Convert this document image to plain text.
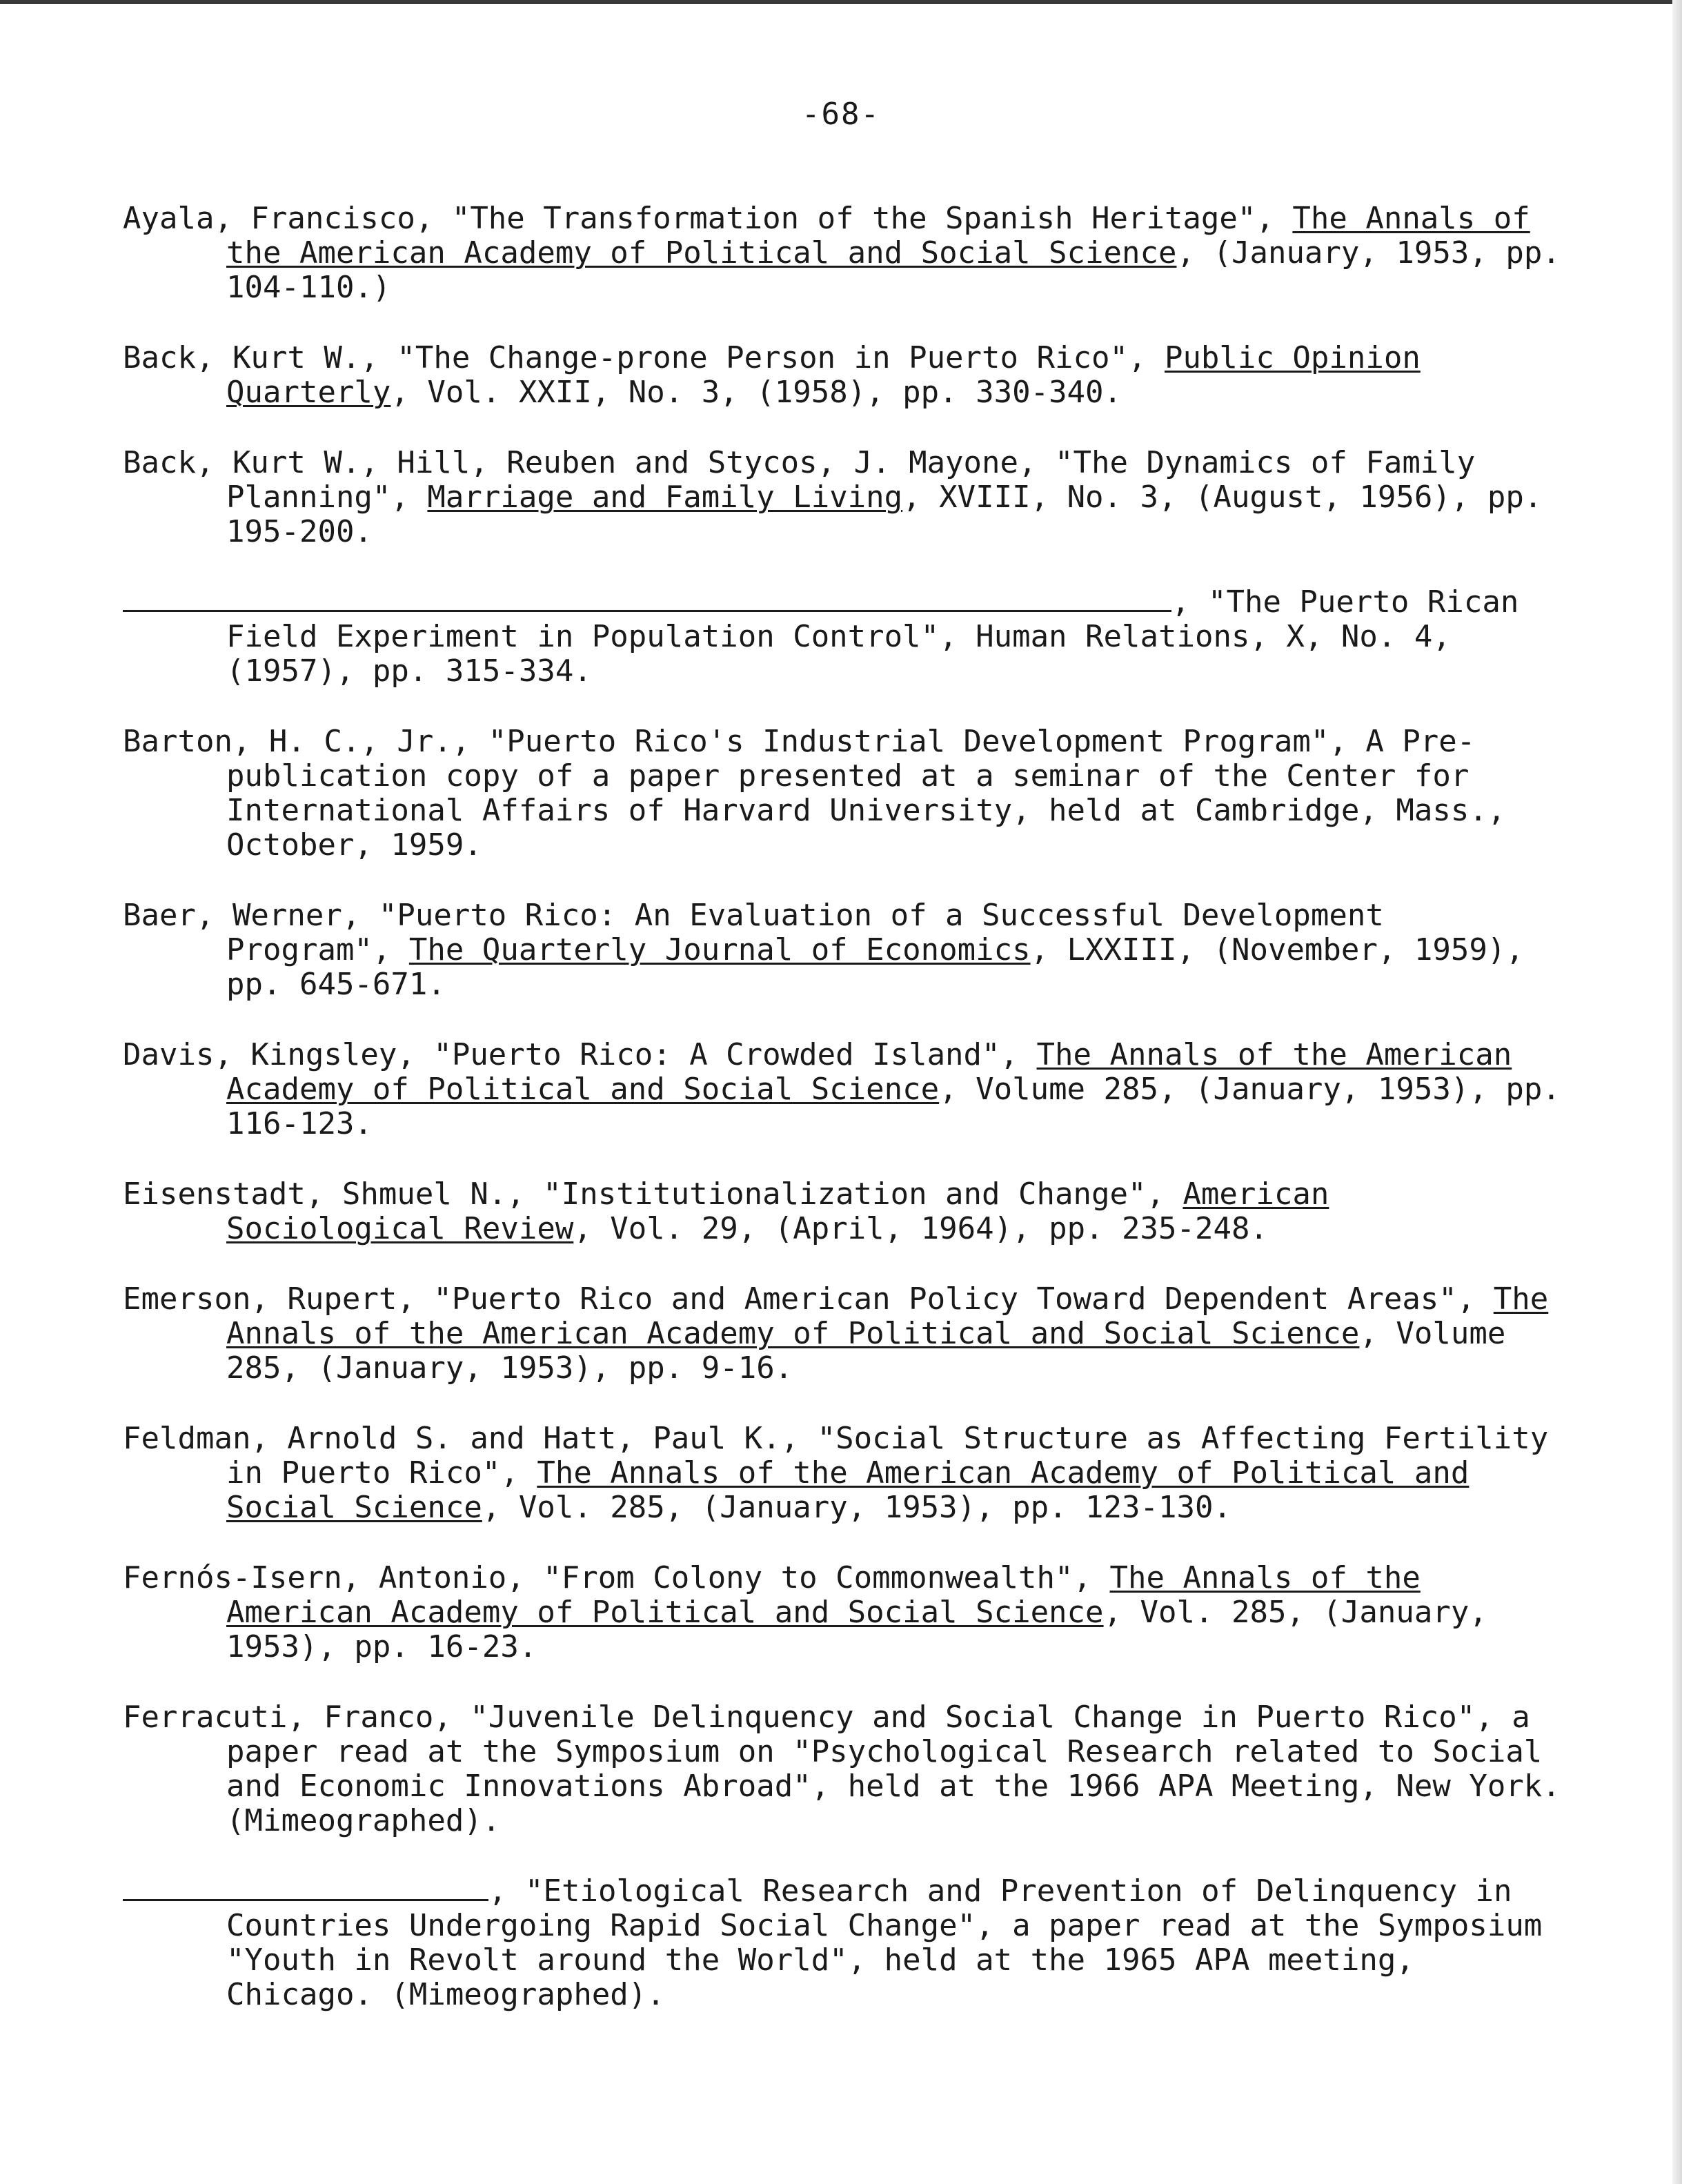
-68-

Ayala, Francisco, "The Transformation of the Spanish Heritage", The Annals of the American Academy of Political and Social Science, (January, 1953, pp. 104-110.)

Back, Kurt W., "The Change-prone Person in Puerto Rico", Public Opinion Quarterly, Vol. XXII, No. 3, (1958), pp. 330-340.

Back, Kurt W., Hill, Reuben and Stycos, J. Mayone, "The Dynamics of Family Planning", Marriage and Family Living, XVIII, No. 3, (August, 1956), pp. 195-200.

, "The Puerto Rican Field Experiment in Population Control", Human Relations, X, No. 4, (1957), pp. 315-334.

Barton, H. C., Jr., "Puerto Rico's Industrial Development Program", A Pre-publication copy of a paper presented at a seminar of the Center for International Affairs of Harvard University, held at Cambridge, Mass., October, 1959.

Baer, Werner, "Puerto Rico: An Evaluation of a Successful Development Program", The Quarterly Journal of Economics, LXXIII, (November, 1959), pp. 645-671.

Davis, Kingsley, "Puerto Rico: A Crowded Island", The Annals of the American Academy of Political and Social Science, Volume 285, (January, 1953), pp. 116-123.

Eisenstadt, Shmuel N., "Institutionalization and Change", American Sociological Review, Vol. 29, (April, 1964), pp. 235-248.

Emerson, Rupert, "Puerto Rico and American Policy Toward Dependent Areas", The Annals of the American Academy of Political and Social Science, Volume 285, (January, 1953), pp. 9-16.

Feldman, Arnold S. and Hatt, Paul K., "Social Structure as Affecting Fertility in Puerto Rico", The Annals of the American Academy of Political and Social Science, Vol. 285, (January, 1953), pp. 123-130.

Fernós-Isern, Antonio, "From Colony to Commonwealth", The Annals of the American Academy of Political and Social Science, Vol. 285, (January, 1953), pp. 16-23.

Ferracuti, Franco, "Juvenile Delinquency and Social Change in Puerto Rico", a paper read at the Symposium on "Psychological Research related to Social and Economic Innovations Abroad", held at the 1966 APA Meeting, New York. (Mimeographed).

, "Etiological Research and Prevention of Delinquency in Countries Undergoing Rapid Social Change", a paper read at the Symposium "Youth in Revolt around the World", held at the 1965 APA meeting, Chicago. (Mimeographed).
